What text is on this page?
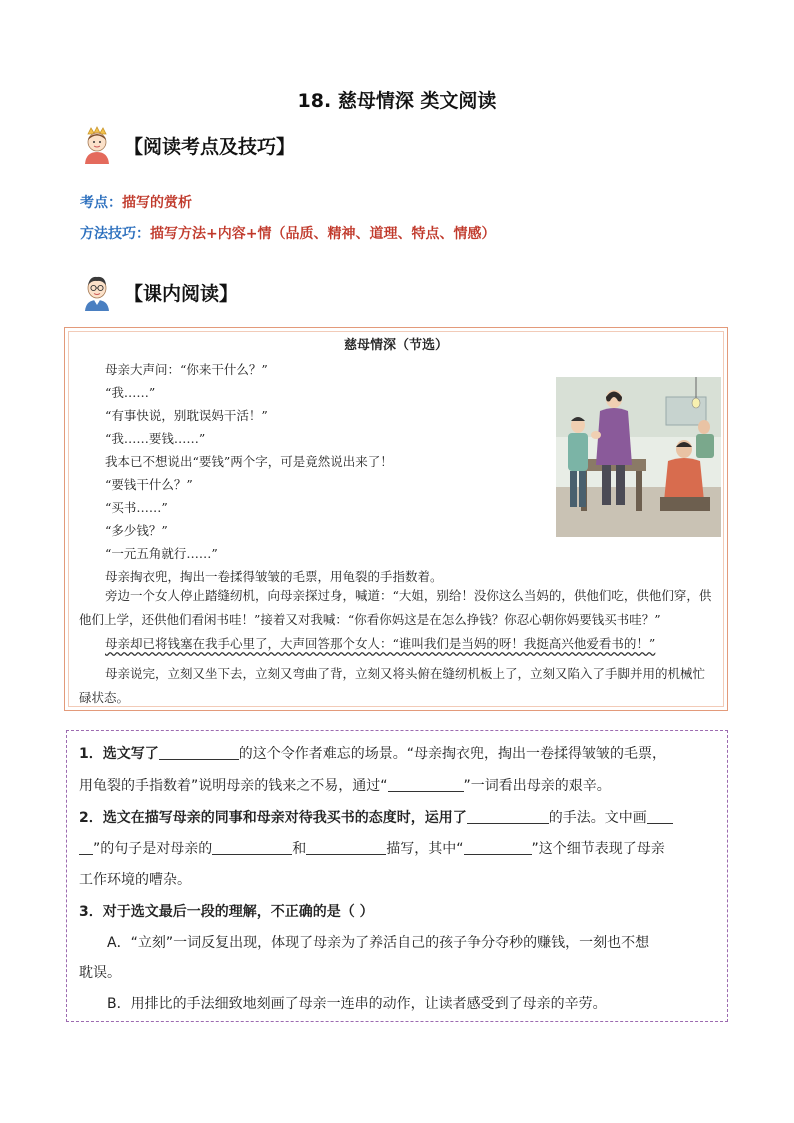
18. 慈母情深 类文阅读
【阅读考点及技巧】
考点：描写的赏析
方法技巧：描写方法+内容+情（品质、精神、道理、特点、情感）
【课内阅读】
慈母情深（节选）
母亲大声问：“你来干什么？”
“我……”
“有事快说，别耽误妈干活！”
“我……要钱……”
我本已不想说出“要钱”两个字，可是竟然说出来了！
“要钱干什么？”
“买书……”
“多少钱？”
“一元五角就行……”
母亲掏衣兜，掏出一卷揉得皱皱的毛票，用龟裂的手指数着。
旁边一个女人停止踏缝纫机，向母亲探过身，喊道：“大姐，别给！没你这么当妈的，供他们吃，供他们穿，供他们上学，还供他们看闲书哇！”接着又对我喊：“你看你妈这是在怎么挣钱？你忍心朝你妈要钱买书哇？”
母亲却已将钱塞在我手心里了，大声回答那个女人：“谁叫我们是当妈的呀！我挺高兴他爱看书的！”
母亲说完，立刻又坐下去，立刻又弯曲了背，立刻又将头俯在缝纫机板上了，立刻又陷入了手脚并用的机械忙碌状态。
1．选文写了	的这个令作者难忘的场景。“母亲掏衣兜，掏出一卷揉得皱皱的毛票，
用龟裂的手指数着”说明母亲的钱来之不易，通过“	”一词看出母亲的艰辛。
2．选文在描写母亲的同事和母亲对待我买书的态度时，运用了	的手法。文中画
”的句子是对母亲的	和	描写，其中“	”这个细节表现了母亲
工作环境的嘈杂。
3．对于选文最后一段的理解，不正确的是（ ）
A．“立刻”一词反复出现，体现了母亲为了养活自己的孩子争分夺秒的赚钱，一刻也不想
耽误。
B．用排比的手法细致地刻画了母亲一连串的动作，让读者感受到了母亲的辛劳。
